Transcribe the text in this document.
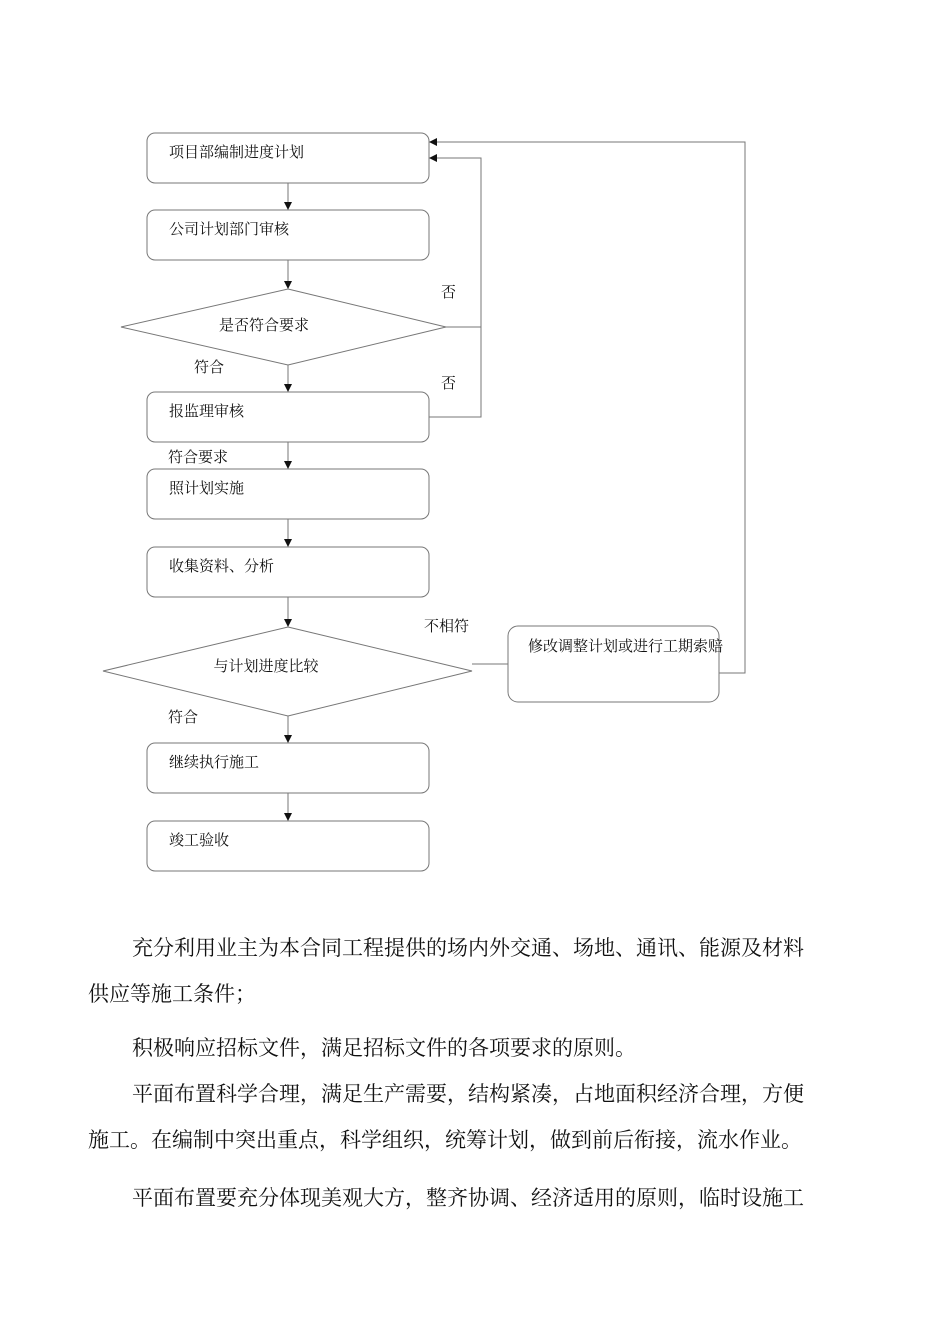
项目部编制进度计划
公司计划部门审核
是否符合要求
报监理审核
照计划实施
收集资料、分析
与计划进度比较
修改调整计划或进行工期索赔
继续执行施工
竣工验收
否
否
符合
符合要求
不相符
符合
充分利用业主为本合同工程提供的场内外交通、场地、通讯、能源及材料
供应等施工条件；
积极响应招标文件，满足招标文件的各项要求的原则。
平面布置科学合理，满足生产需要，结构紧凑，占地面积经济合理，方便
施工。在编制中突出重点，科学组织，统筹计划，做到前后衔接，流水作业。
平面布置要充分体现美观大方，整齐协调、经济适用的原则，临时设施工
